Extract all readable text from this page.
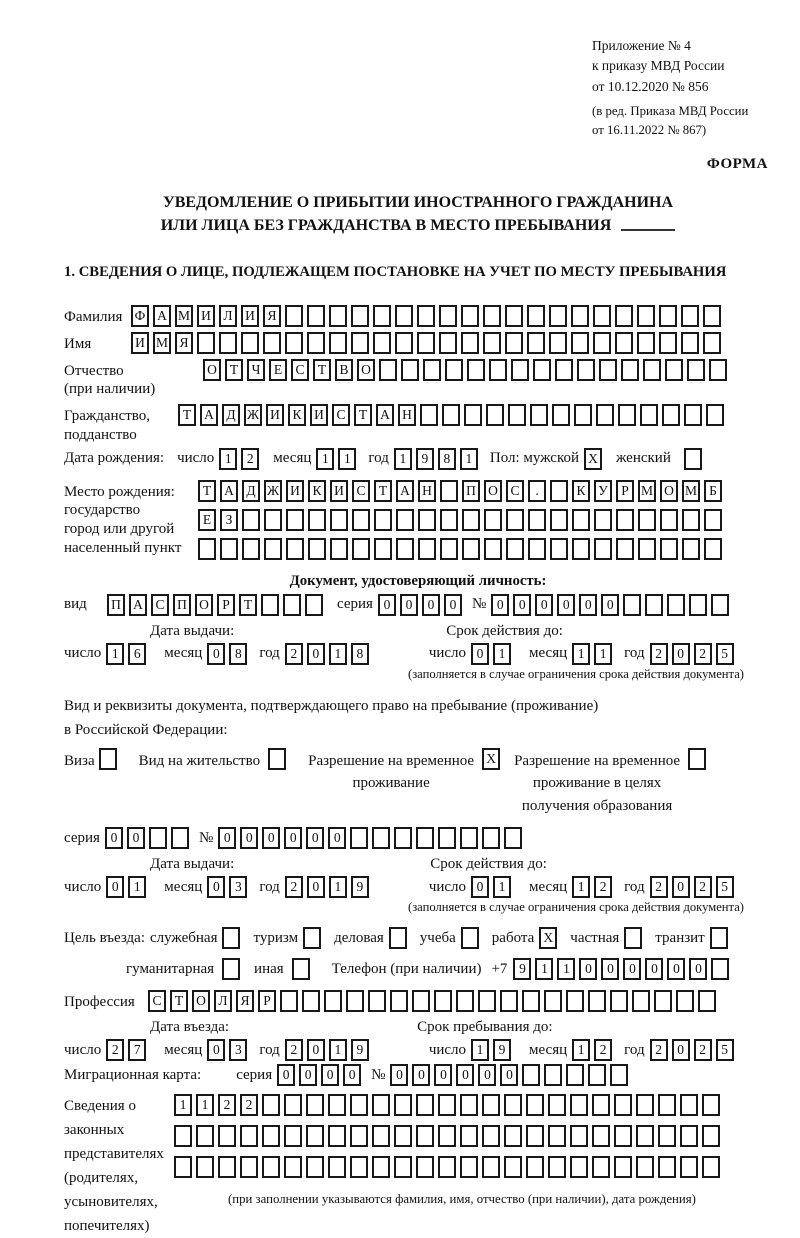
Приложение № 4
к приказу МВД России
от 10.12.2020 № 856
(в ред. Приказа МВД России
от 16.11.2022 № 867)
ФОРМА
УВЕДОМЛЕНИЕ О ПРИБЫТИИ ИНОСТРАННОГО ГРАЖДАНИНА
ИЛИ ЛИЦА БЕЗ ГРАЖДАНСТВА В МЕСТО ПРЕБЫВАНИЯ
1. СВЕДЕНИЯ О ЛИЦЕ, ПОДЛЕЖАЩЕМ ПОСТАНОВКЕ НА УЧЕТ ПО МЕСТУ ПРЕБЫВАНИЯ
Фамилия Ф А М И Л И Я
Имя	И М Я
Отчество
(при наличии)
О Т Ч Е С Т В О
Гражданство,
подданство
Т А Д Ж И К И С Т А Н
Дата рождения: число 1	2	месяц 1	1	год 1	9	8	1	Пол: мужской X женский
Место рождения:
государство
город или другой
населенный пункт
Т А Д Ж И К И С Т А Н	П О С	.	К У Р М О М Б
Е	З
Документ, удостоверяющий личность:
вид	П А С П О Р	Т	серия 0	0	0	0	№ 0	0	0	0	0	0
Дата выдачи:	Срок действия до:
число 1	6	месяц 0	8	год 2	0	1	8	число 0	1	месяц 1	1	год 2	0	2	5
(заполняется в случае ограничения срока действия документа)
Вид и реквизиты документа, подтверждающего право на пребывание (проживание)
в Российской Федерации:
Виза	Вид на жительство	Разрешение на временное
проживание
X Разрешение на временное
проживание в целях
получения образования
серия 0	0	№ 0	0	0	0	0	0
Дата выдачи:	Срок действия до:
число 0	1	месяц 0	3	год 2	0	1	9	число 0	1	месяц 1	2	год 2	0	2	5
(заполняется в случае ограничения срока действия документа)
Цель въезда: служебная туризм деловая учеба работа X частная транзит
гуманитарная	иная	Телефон (при наличии) +7 9	1	1	0	0	0	0	0	0
Профессия	С Т О Л Я	Р
Дата въезда:	Срок пребывания до:
число 2	7	месяц 0	3	год 2	0	1	9	число 1	9	месяц 1	2	год 2	0	2	5
Миграционная карта: серия 0	0	0	0	№ 0	0	0	0	0	0
Сведения о
законных
представителях
(родителях,
усыновителях,
попечителях)
1	1	2	2
(при заполнении указываются фамилия, имя, отчество (при наличии), дата рождения)
